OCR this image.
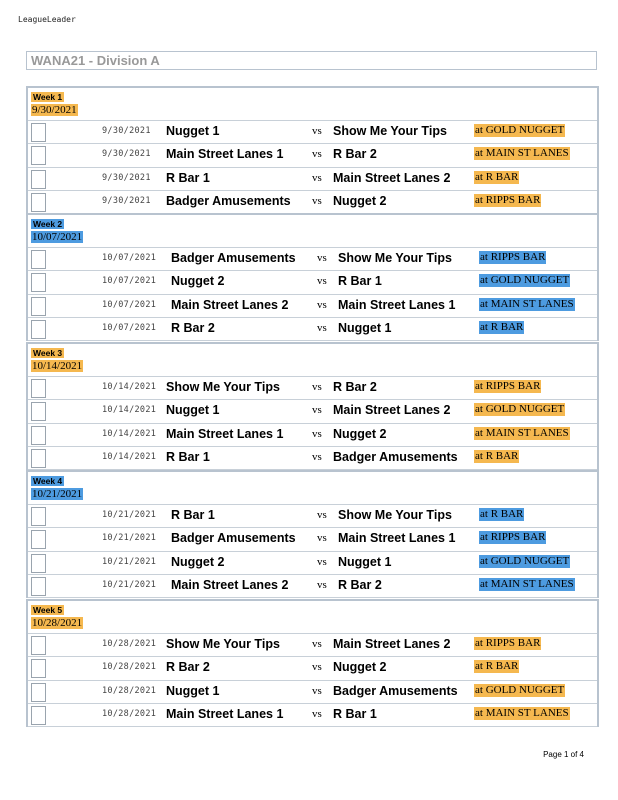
LeagueLeader
WANA21 - Division A
Week 1
9/30/2021
9/30/2021 Nugget 1	vs Show Me Your Tips	at GOLD NUGGET
9/30/2021 Main Street Lanes 1	vs R Bar 2	at MAIN ST LANES
9/30/2021 R Bar 1	vs Main Street Lanes 2 at R BAR
9/30/2021 Badger Amusements vs Nugget 2	at RIPPS BAR
Week 2
10/07/2021
10/07/2021 Badger Amusements vs Show Me Your Tips	at RIPPS BAR
10/07/2021 Nugget 2	vs R Bar 1	at GOLD NUGGET
10/07/2021 Main Street Lanes 2	vs Main Street Lanes 1 at MAIN ST LANES
10/07/2021 R Bar 2	vs Nugget 1	at R BAR
Week 3
10/14/2021
10/14/2021 Show Me Your Tips	vs R Bar 2	at RIPPS BAR
10/14/2021 Nugget 1	vs Main Street Lanes 2 at GOLD NUGGET
10/14/2021 Main Street Lanes 1	vs Nugget 2	at MAIN ST LANES
10/14/2021 R Bar 1	vs Badger Amusements at R BAR
Week 4
10/21/2021
10/21/2021 R Bar 1	vs Show Me Your Tips	at R BAR
10/21/2021 Badger Amusements vs Main Street Lanes 1 at RIPPS BAR
10/21/2021 Nugget 2	vs Nugget 1	at GOLD NUGGET
10/21/2021 Main Street Lanes 2	vs R Bar 2	at MAIN ST LANES
Week 5
10/28/2021
10/28/2021 Show Me Your Tips	vs Main Street Lanes 2 at RIPPS BAR
10/28/2021 R Bar 2	vs Nugget 2	at R BAR
10/28/2021 Nugget 1	vs Badger Amusements at GOLD NUGGET
10/28/2021 Main Street Lanes 1	vs R Bar 1	at MAIN ST LANES
Page 1 of 4
